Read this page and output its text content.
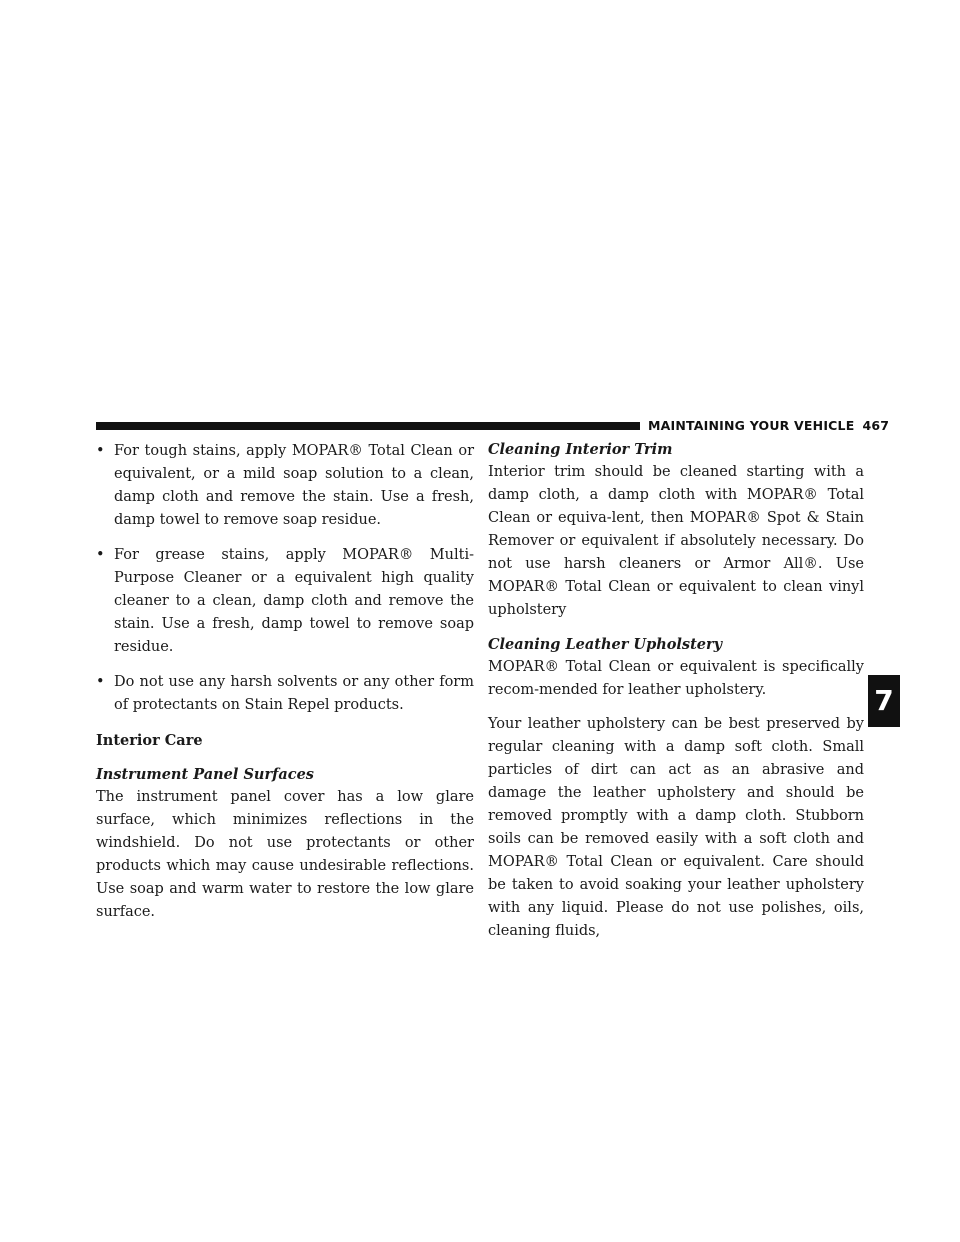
MAINTAINING YOUR VEHICLE 467
7
• For tough stains, apply MOPAR® Total Clean or equivalent, or a mild soap solution to a clean, damp cloth and remove the stain. Use a fresh, damp towel to remove soap residue.
• For grease stains, apply MOPAR® Multi-Purpose Cleaner or a equivalent high quality cleaner to a clean, damp cloth and remove the stain. Use a fresh, damp towel to remove soap residue.
• Do not use any harsh solvents or any other form of protectants on Stain Repel products.
Interior Care
Instrument Panel Surfaces

The instrument panel cover has a low glare surface, which minimizes reflections in the windshield. Do not use protectants or other products which may cause undesirable reflections. Use soap and warm water to restore the low glare surface.

Cleaning Interior Trim

Interior trim should be cleaned starting with a damp cloth, a damp cloth with MOPAR® Total Clean or equiva-lent, then MOPAR® Spot & Stain Remover or equivalent if absolutely necessary. Do not use harsh cleaners or Armor All®. Use MOPAR® Total Clean or equivalent to clean vinyl upholstery

Cleaning Leather Upholstery

MOPAR® Total Clean or equivalent is specifically recom-mended for leather upholstery.

Your leather upholstery can be best preserved by regular cleaning with a damp soft cloth. Small particles of dirt can act as an abrasive and damage the leather upholstery and should be removed promptly with a damp cloth. Stubborn soils can be removed easily with a soft cloth and MOPAR® Total Clean or equivalent. Care should be taken to avoid soaking your leather upholstery with any liquid. Please do not use polishes, oils, cleaning fluids,
